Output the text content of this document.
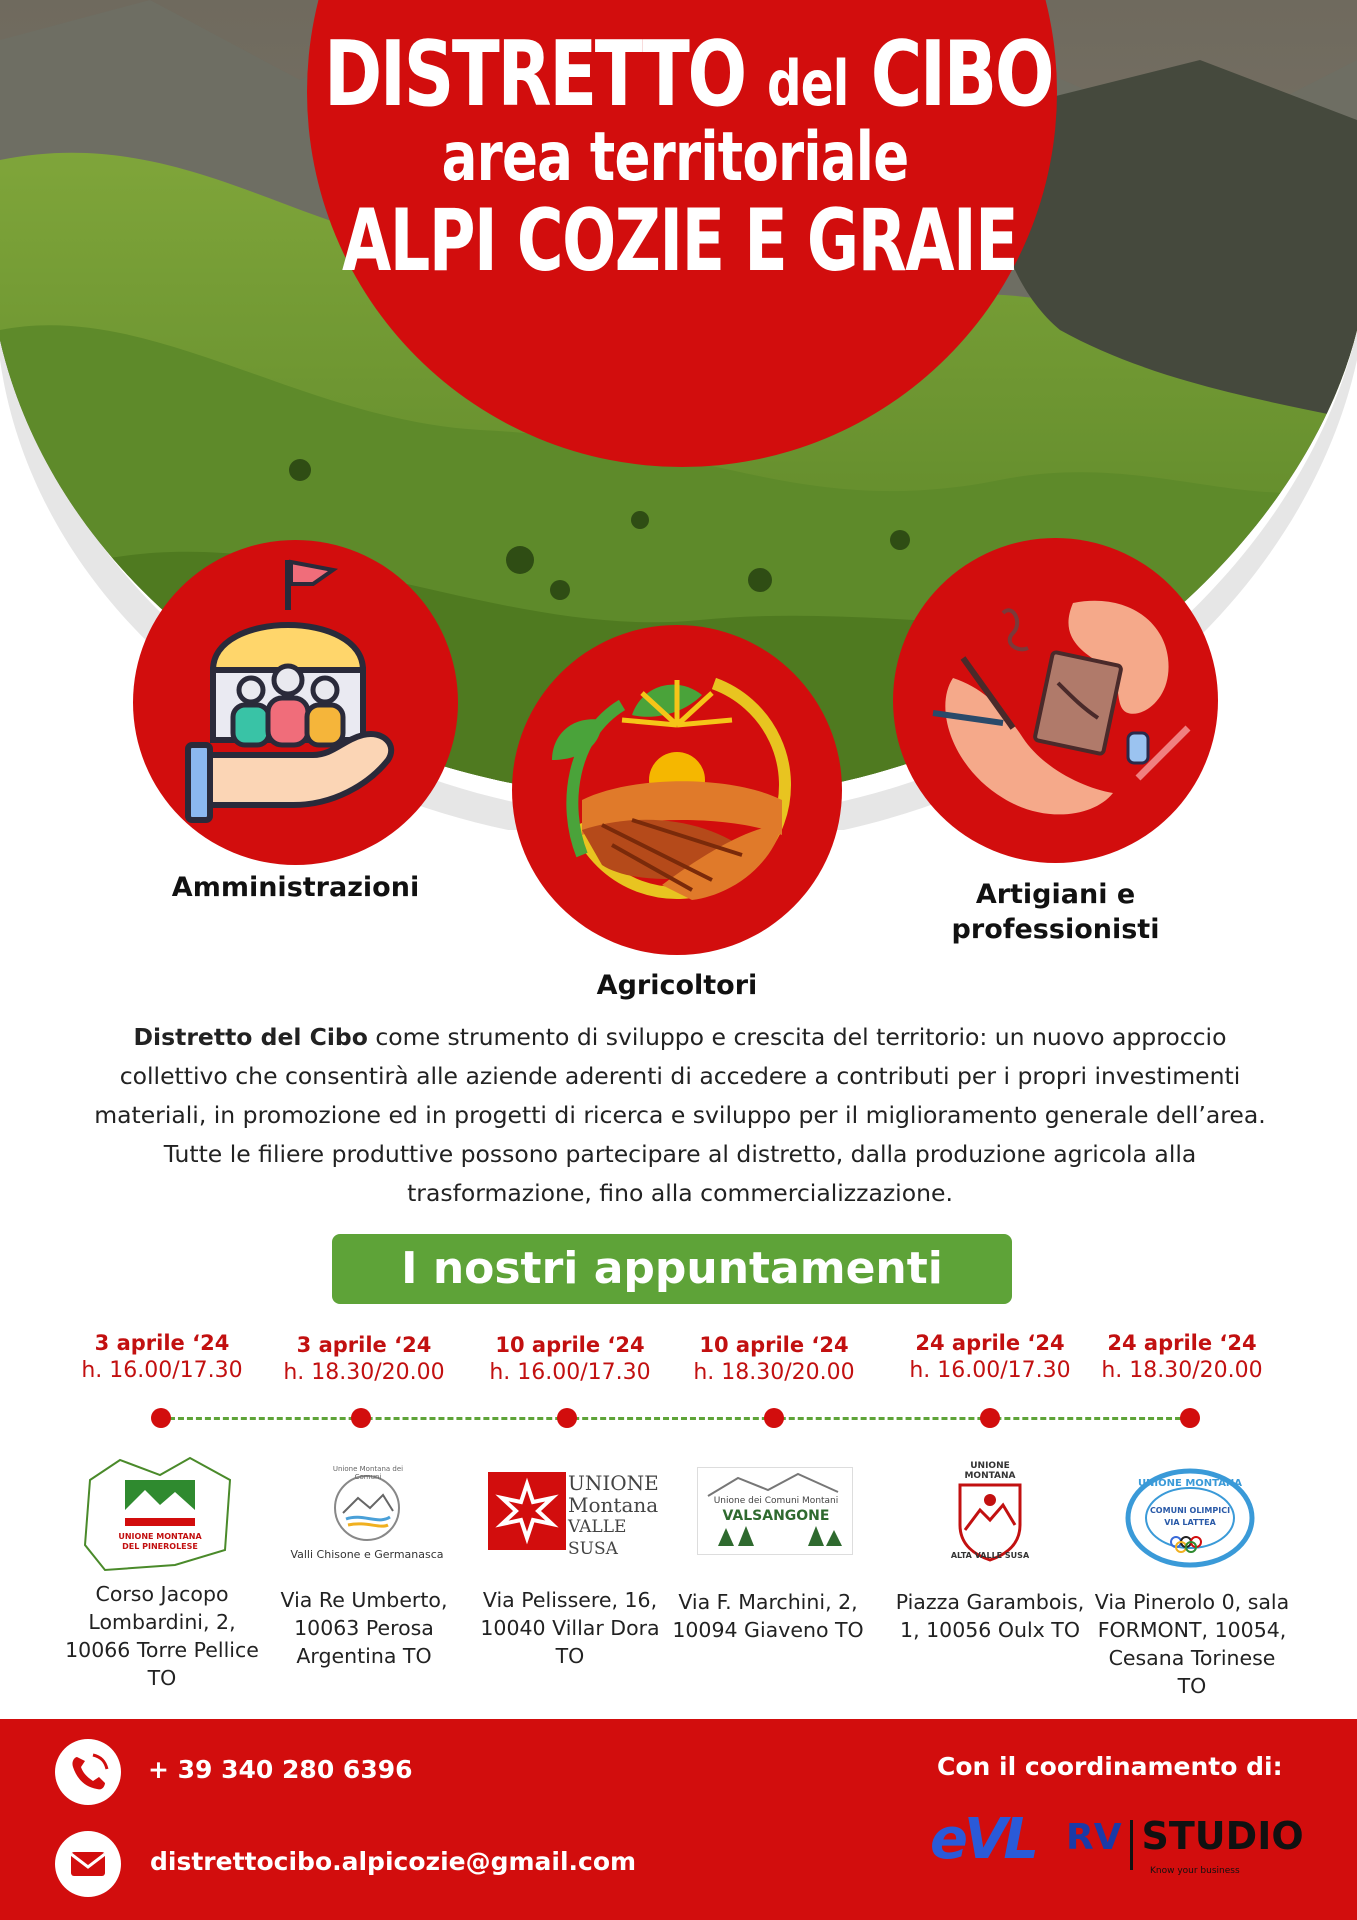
DISTRETTO del CIBO
area territoriale
ALPI COZIE E GRAIE
Amministrazioni
Agricoltori
Artigiani e professionisti

Distretto del Cibo come strumento di sviluppo e crescita del territorio: un nuovo approccio collettivo che consentirà alle aziende aderenti di accedere a contributi per i propri investimenti materiali, in promozione ed in progetti di ricerca e sviluppo per il miglioramento generale dell’area. Tutte le filiere produttive possono partecipare al distretto, dalla produzione agricola alla trasformazione, fino alla commercializzazione.

I nostri appuntamenti
3 aprile ‘24
h. 16.00/17.30
3 aprile ‘24
h. 18.30/20.00
10 aprile ‘24
h. 16.00/17.30
10 aprile ‘24
h. 18.30/20.00
24 aprile ‘24
h. 16.00/17.30
24 aprile ‘24
h. 18.30/20.00
UNIONE MONTANA DEL PINEROLESE
Unione Montana dei Comuni
Valli Chisone e Germanasca
UNIONE
Montana
VALLE SUSA
Unione dei Comuni Montani
VALSANGONE
UNIONE MONTANA
ALTA VALLE SUSA
UNIONE MONTANA
COMUNI OLIMPICI
VIA LATTEA
Corso Jacopo Lombardini, 2, 10066 Torre Pellice TO
Via Re Umberto, 10063 Perosa Argentina TO
Via Pelissere, 16, 10040 Villar Dora TO
Via F. Marchini, 2, 10094 Giaveno TO
Piazza Garambois, 1, 10056 Oulx TO
Via Pinerolo 0, sala FORMONT, 10054, Cesana Torinese TO
+ 39 340 280 6396
distrettocibo.alpicozie@gmail.com
Con il coordinamento di:
eVL RV STUDIO
Know your business
